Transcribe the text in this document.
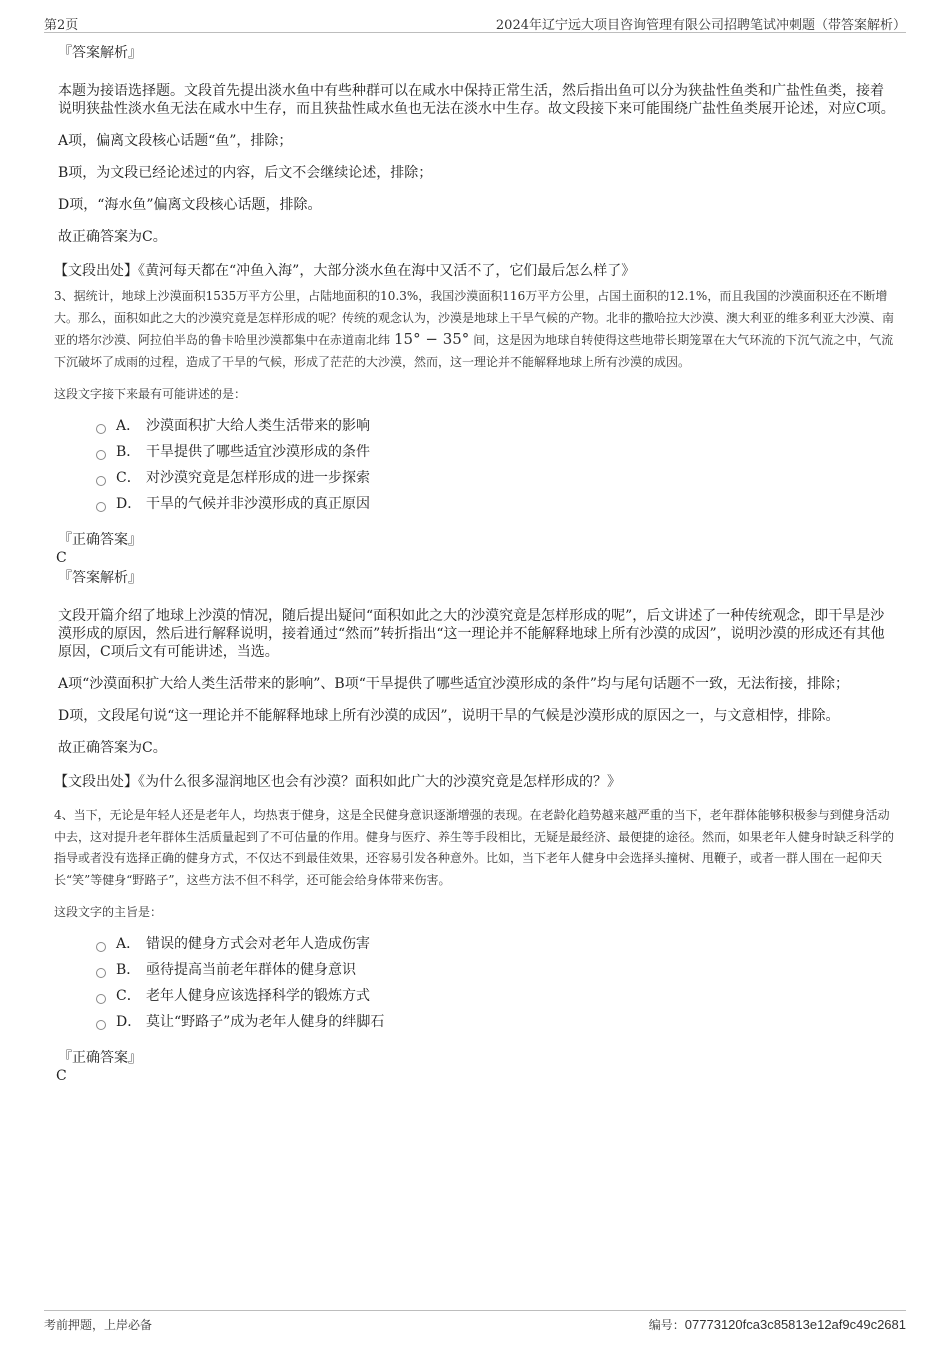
第2页	2024年辽宁远大项目咨询管理有限公司招聘笔试冲刺题（带答案解析）
『答案解析』
本题为接语选择题。文段首先提出淡水鱼中有些种群可以在咸水中保持正常生活，然后指出鱼可以分为狭盐性鱼类和广盐性鱼类，接着说明狭盐性淡水鱼无法在咸水中生存，而且狭盐性咸水鱼也无法在淡水中生存。故文段接下来可能围绕广盐性鱼类展开论述，对应C项。
A项，偏离文段核心话题“鱼”，排除；
B项，为文段已经论述过的内容，后文不会继续论述，排除；
D项，“海水鱼”偏离文段核心话题，排除。
故正确答案为C。
【文段出处】《黄河每天都在“冲鱼入海”，大部分淡水鱼在海中又活不了，它们最后怎么样了》
3、据统计，地球上沙漠面积1535万平方公里，占陆地面积的10.3%，我国沙漠面积116万平方公里，占国土面积的12.1%，而且我国的沙漠面积还在不断增大。那么，面积如此之大的沙漠究竟是怎样形成的呢？传统的观念认为，沙漠是地球上干旱气候的产物。北非的撒哈拉大沙漠、澳大利亚的维多利亚大沙漠、南亚的塔尔沙漠、阿拉伯半岛的鲁卡哈里沙漠都集中在赤道南北纬 15° − 35° 间，这是因为地球自转使得这些地带长期笼罩在大气环流的下沉气流之中，气流下沉破坏了成雨的过程，造成了干旱的气候，形成了茫茫的大沙漠，然而，这一理论并不能解释地球上所有沙漠的成因。
这段文字接下来最有可能讲述的是：
A． 沙漠面积扩大给人类生活带来的影响
B． 干旱提供了哪些适宜沙漠形成的条件
C． 对沙漠究竟是怎样形成的进一步探索
D． 干旱的气候并非沙漠形成的真正原因
『正确答案』
C
『答案解析』
文段开篇介绍了地球上沙漠的情况，随后提出疑问“面积如此之大的沙漠究竟是怎样形成的呢”，后文讲述了一种传统观念，即干旱是沙漠形成的原因，然后进行解释说明，接着通过“然而”转折指出“这一理论并不能解释地球上所有沙漠的成因”，说明沙漠的形成还有其他原因，C项后文有可能讲述，当选。
A项“沙漠面积扩大给人类生活带来的影响”、B项“干旱提供了哪些适宜沙漠形成的条件”均与尾句话题不一致，无法衔接，排除；
D项，文段尾句说“这一理论并不能解释地球上所有沙漠的成因”，说明干旱的气候是沙漠形成的原因之一，与文意相悖，排除。
故正确答案为C。
【文段出处】《为什么很多湿润地区也会有沙漠？面积如此广大的沙漠究竟是怎样形成的？》
4、当下，无论是年轻人还是老年人，均热衷于健身，这是全民健身意识逐渐增强的表现。在老龄化趋势越来越严重的当下，老年群体能够积极参与到健身活动中去，这对提升老年群体生活质量起到了不可估量的作用。健身与医疗、养生等手段相比，无疑是最经济、最便捷的途径。然而，如果老年人健身时缺乏科学的指导或者没有选择正确的健身方式，不仅达不到最佳效果，还容易引发各种意外。比如，当下老年人健身中会选择头撞树、甩鞭子，或者一群人围在一起仰天长“笑”等健身“野路子”，这些方法不但不科学，还可能会给身体带来伤害。
这段文字的主旨是：
A． 错误的健身方式会对老年人造成伤害
B． 亟待提高当前老年群体的健身意识
C． 老年人健身应该选择科学的锻炼方式
D． 莫让“野路子”成为老年人健身的绊脚石
『正确答案』
C
考前押题，上岸必备	编号：07773120fca3c85813e12af9c49c2681
